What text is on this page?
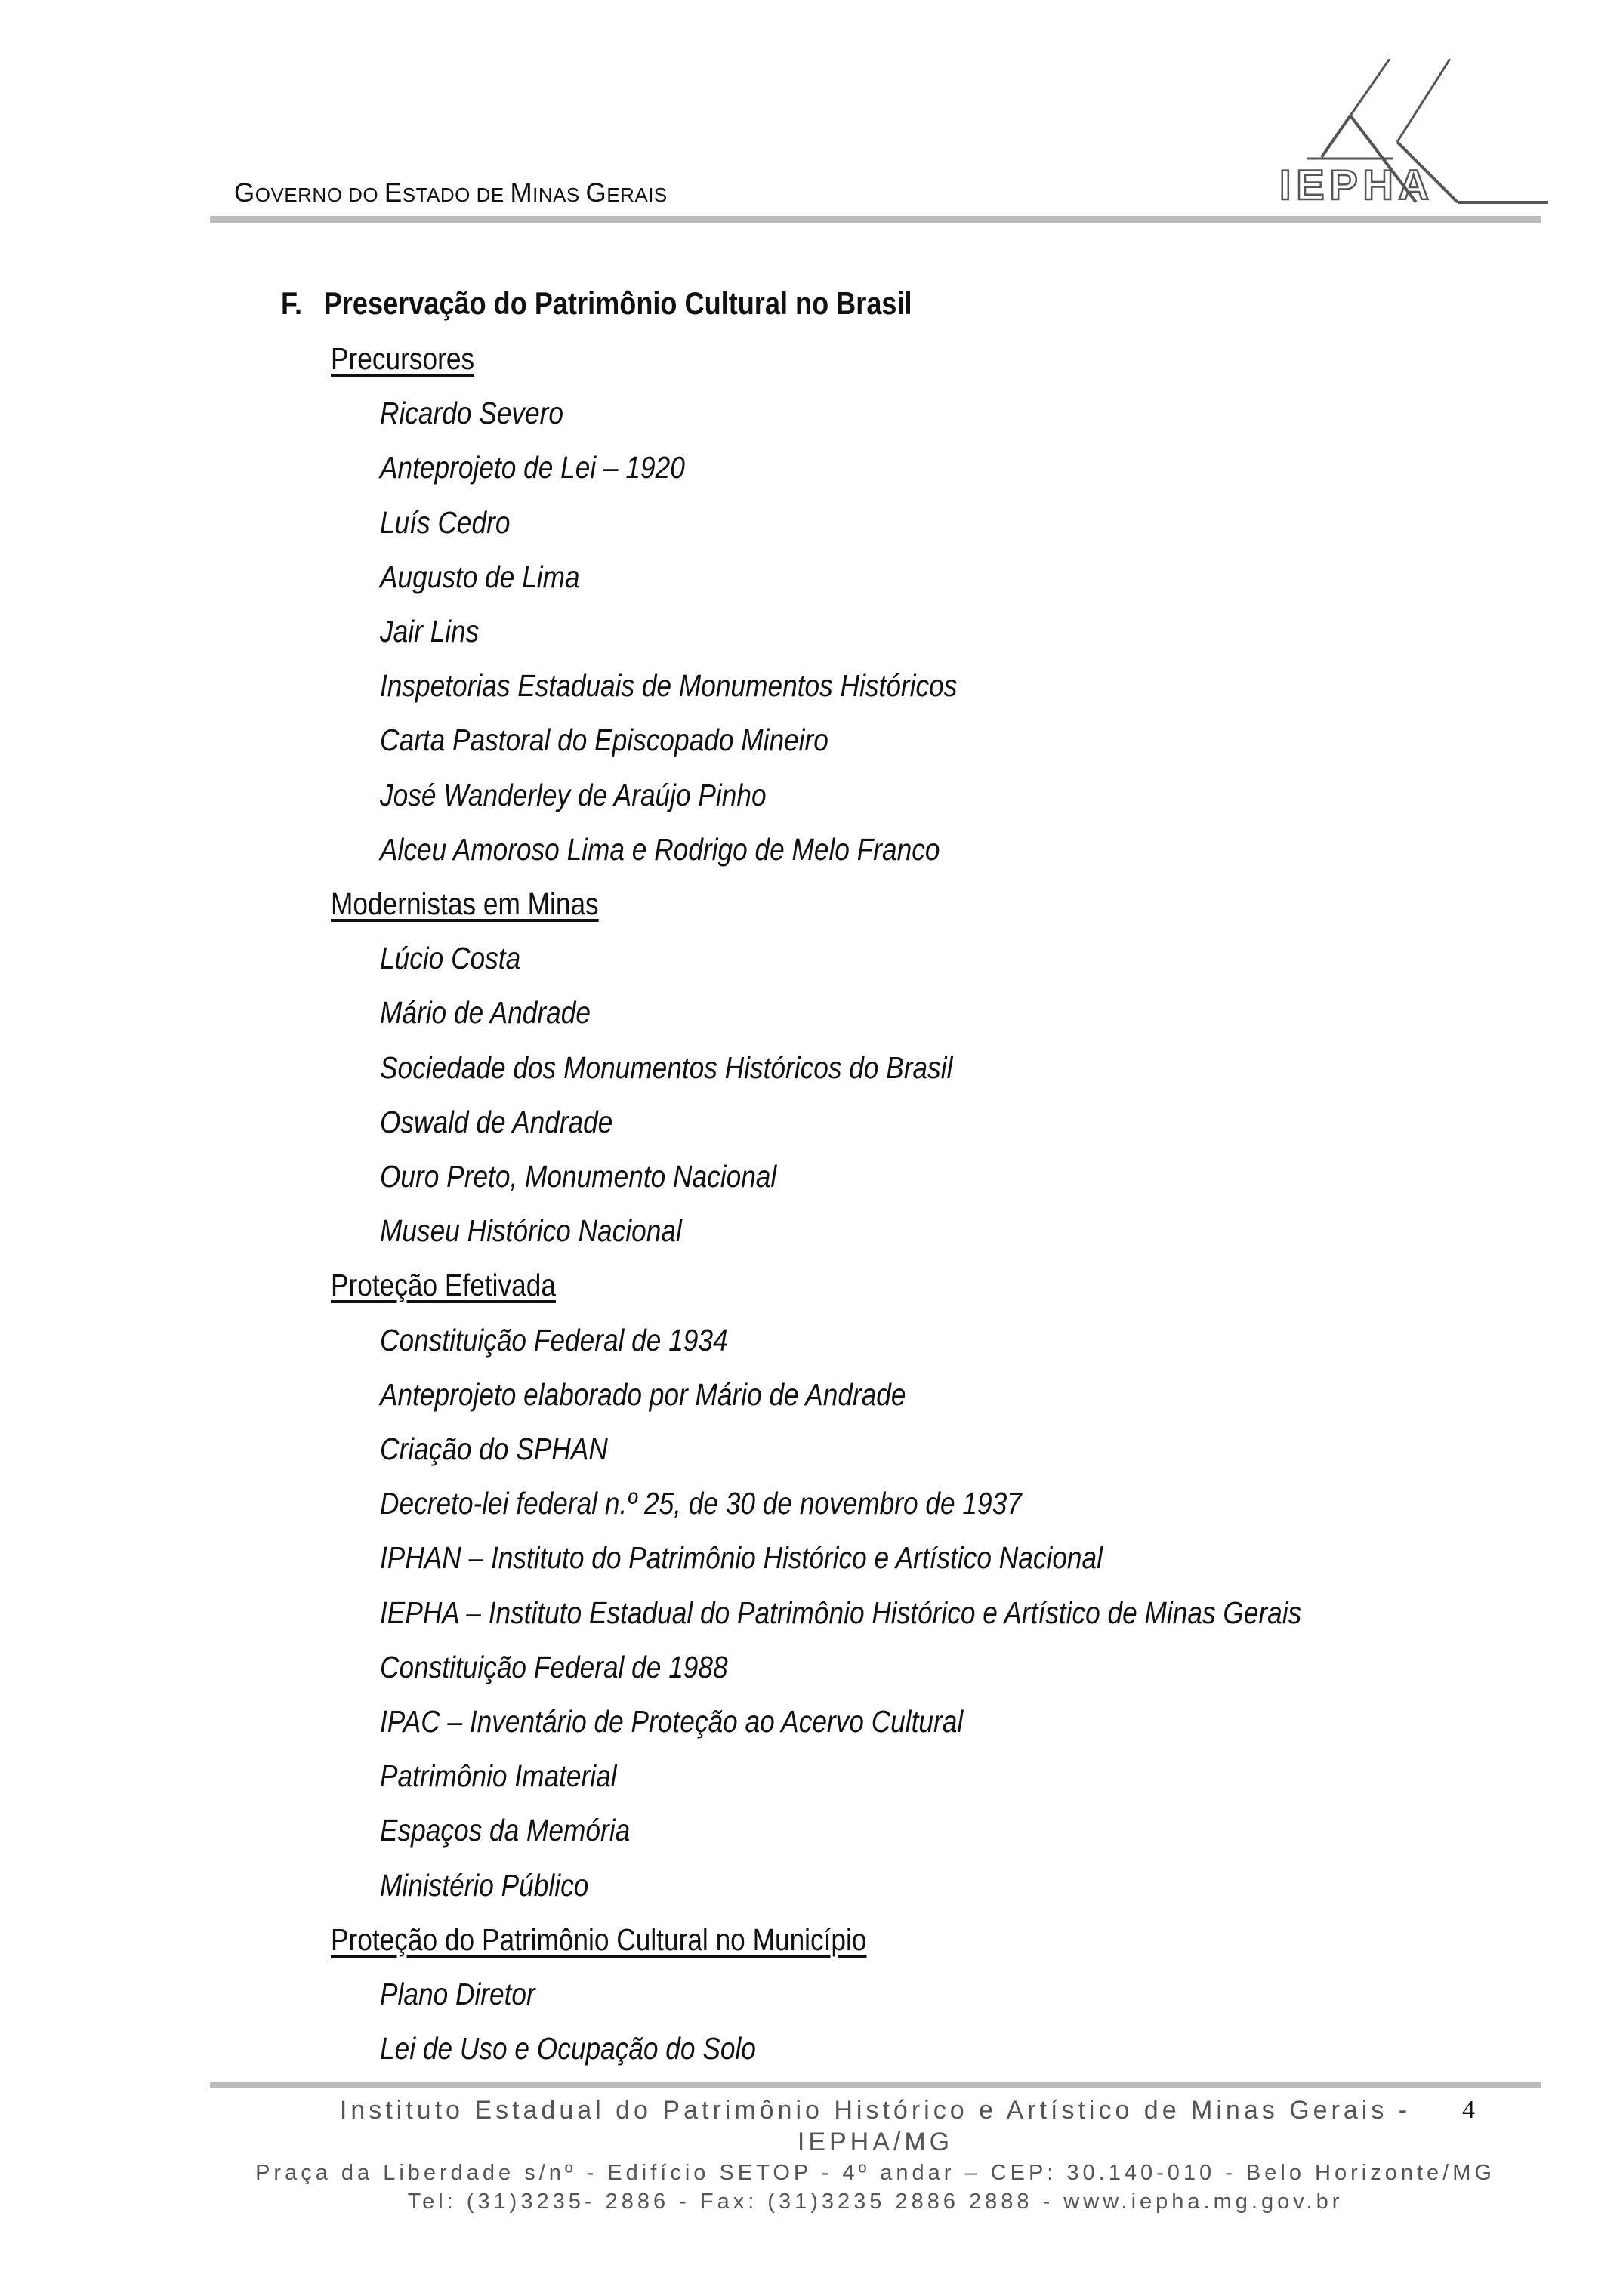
GOVERNO DO ESTADO DE MINAS GERAIS	IEPHA
F. Preservação do Patrimônio Cultural no Brasil

Precursores

Ricardo Severo

Anteprojeto de Lei – 1920

Luís Cedro

Augusto de Lima

Jair Lins

Inspetorias Estaduais de Monumentos Históricos

Carta Pastoral do Episcopado Mineiro

José Wanderley de Araújo Pinho

Alceu Amoroso Lima e Rodrigo de Melo Franco

Modernistas em Minas

Lúcio Costa

Mário de Andrade

Sociedade dos Monumentos Históricos do Brasil

Oswald de Andrade

Ouro Preto, Monumento Nacional

Museu Histórico Nacional

Proteção Efetivada

Constituição Federal de 1934

Anteprojeto elaborado por Mário de Andrade

Criação do SPHAN

Decreto-lei federal n.º 25, de 30 de novembro de 1937

IPHAN – Instituto do Patrimônio Histórico e Artístico Nacional

IEPHA – Instituto Estadual do Patrimônio Histórico e Artístico de Minas Gerais

Constituição Federal de 1988

IPAC – Inventário de Proteção ao Acervo Cultural

Patrimônio Imaterial

Espaços da Memória

Ministério Público

Proteção do Patrimônio Cultural no Município

Plano Diretor

Lei de Uso e Ocupação do Solo

Instituto Estadual do Patrimônio Histórico e Artístico de Minas Gerais -
IEPHA/MG
Praça da Liberdade s/nº - Edifício SETOP - 4º andar – CEP: 30.140-010 - Belo Horizonte/MG
Tel: (31)3235- 2886 - Fax: (31)3235 2886 2888 - www.iepha.mg.gov.br
4
